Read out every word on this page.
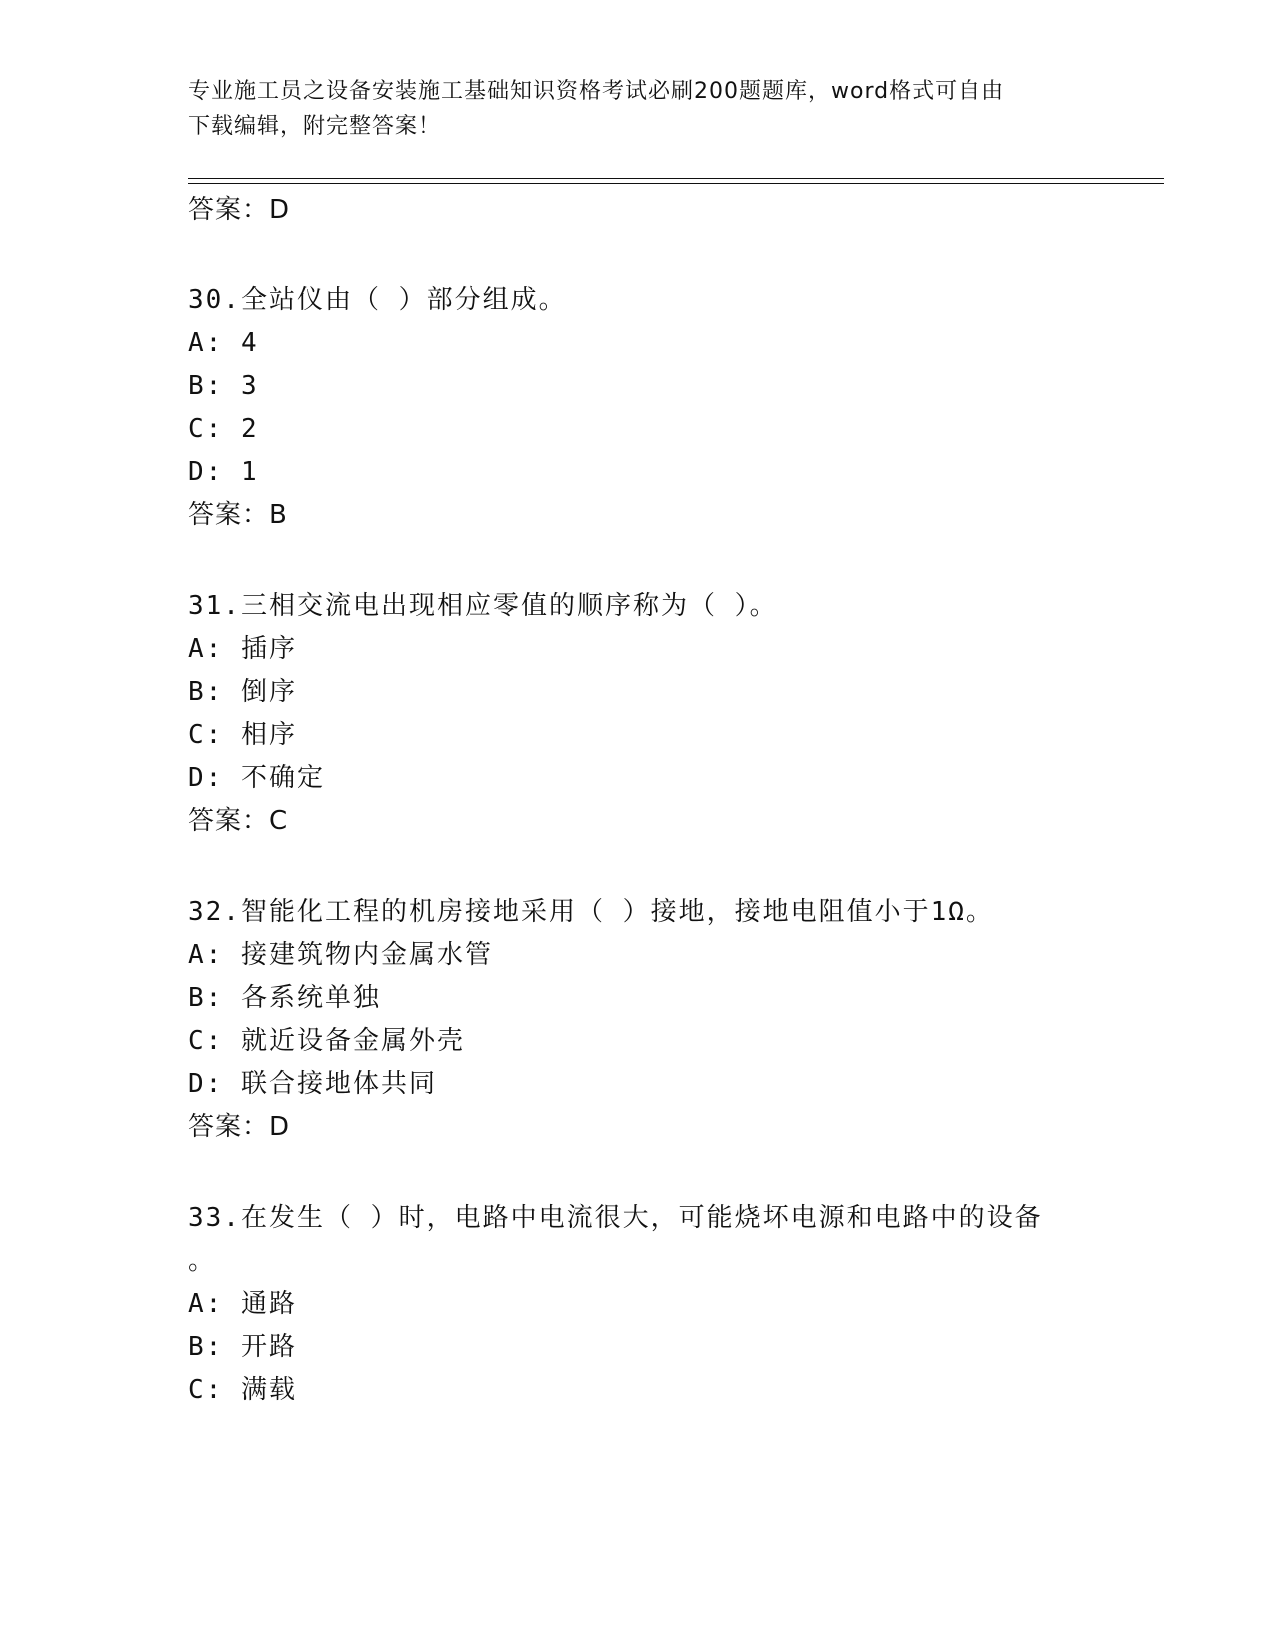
专业施工员之设备安装施工基础知识资格考试必刷200题题库，word格式可自由
下载编辑，附完整答案！
答案：D
30.全站仪由（ ）部分组成。
A: 4
B: 3
C: 2
D: 1
答案：B
31.三相交流电出现相应零值的顺序称为（ ）。
A: 插序
B: 倒序
C: 相序
D: 不确定
答案：C
32.智能化工程的机房接地采用（ ）接地，接地电阻值小于1Ω。
A: 接建筑物内金属水管
B: 各系统单独
C: 就近设备金属外壳
D: 联合接地体共同
答案：D
33.在发生（ ）时，电路中电流很大，可能烧坏电源和电路中的设备
。
A: 通路
B: 开路
C: 满载
